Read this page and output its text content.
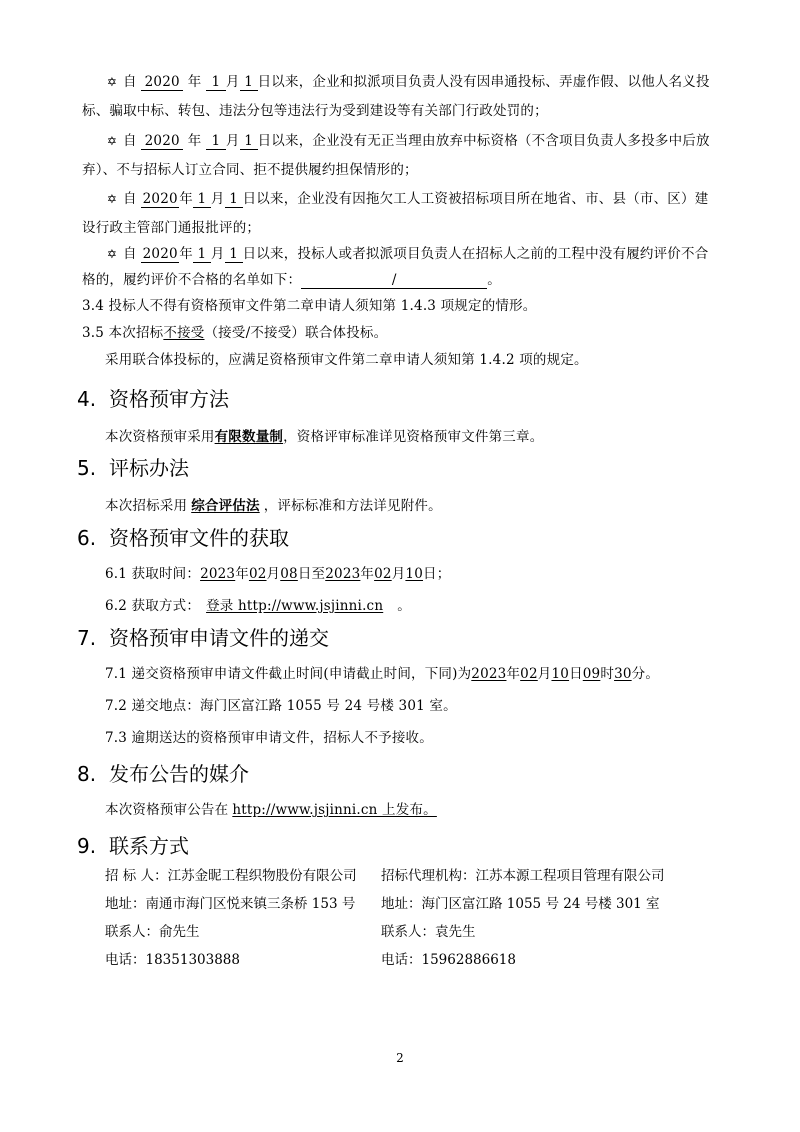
✡ 自 2020 年 1 月 1 日以来，企业和拟派项目负责人没有因串通投标、弄虚作假、以他人名义投
标、骗取中标、转包、违法分包等违法行为受到建设等有关部门行政处罚的；
✡ 自 2020 年 1 月 1 日以来，企业没有无正当理由放弃中标资格（不含项目负责人多投多中后放
弃）、不与招标人订立合同、拒不提供履约担保情形的；
✡ 自 2020年 1 月 1 日以来，企业没有因拖欠工人工资被招标项目所在地省、市、县（市、区）建
设行政主管部门通报批评的；
✡ 自 2020年 1 月 1 日以来，投标人或者拟派项目负责人在招标人之前的工程中没有履约评价不合
格的，履约评价不合格的名单如下：	/	。
3.4 投标人不得有资格预审文件第二章申请人须知第 1.4.3 项规定的情形。
3.5 本次招标不接受（接受/不接受）联合体投标。
采用联合体投标的，应满足资格预审文件第二章申请人须知第 1.4.2 项的规定。
4. 资格预审方法
本次资格预审采用有限数量制，资格评审标准详见资格预审文件第三章。
5. 评标办法
本次招标采用 综合评估法 ，评标标准和方法详见附件。
6. 资格预审文件的获取
6.1 获取时间：2023年02月08日至2023年02月10日；
6.2 获取方式： 登录 http://www.jsjinni.cn 。
7. 资格预审申请文件的递交
7.1 递交资格预审申请文件截止时间(申请截止时间，下同)为2023年02月10日09时30分。
7.2 递交地点：海门区富江路 1055 号 24 号楼 301 室。
7.3 逾期送达的资格预审申请文件，招标人不予接收。
8. 发布公告的媒介
本次资格预审公告在 http://www.jsjinni.cn 上发布。
9. 联系方式
招 标 人：江苏金昵工程织物股份有限公司
地址：南通市海门区悦来镇三条桥 153 号
联系人：俞先生
电话：18351303888
招标代理机构：江苏本源工程项目管理有限公司
地址：海门区富江路 1055 号 24 号楼 301 室
联系人：袁先生
电话：15962886618
2
